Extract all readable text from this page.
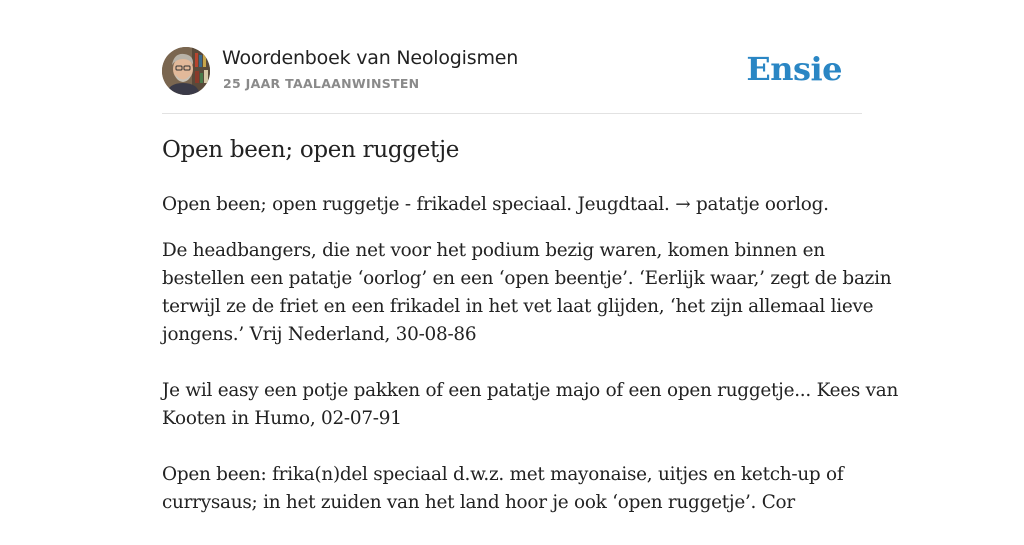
Woordenboek van Neologismen
25 JAAR TAALAANWINSTEN	Ensie
Open been; open ruggetje
Open been; open ruggetje - frikadel speciaal. Jeugdtaal. → patatje oorlog.

De headbangers, die net voor het podium bezig waren, komen binnen en
bestellen een patatje ‘oorlog’ en een ‘open beentje’. ‘Eerlijk waar,’ zegt de bazin
terwijl ze de friet en een frikadel in het vet laat glijden, ‘het zijn allemaal lieve
jongens.’ Vrij Nederland, 30-08-86

Je wil easy een potje pakken of een patatje majo of een open ruggetje... Kees van
Kooten in Humo, 02-07-91

Open been: frika(n)del speciaal d.w.z. met mayonaise, uitjes en ketch-up of
currysaus; in het zuiden van het land hoor je ook ‘open ruggetje’. Cor
